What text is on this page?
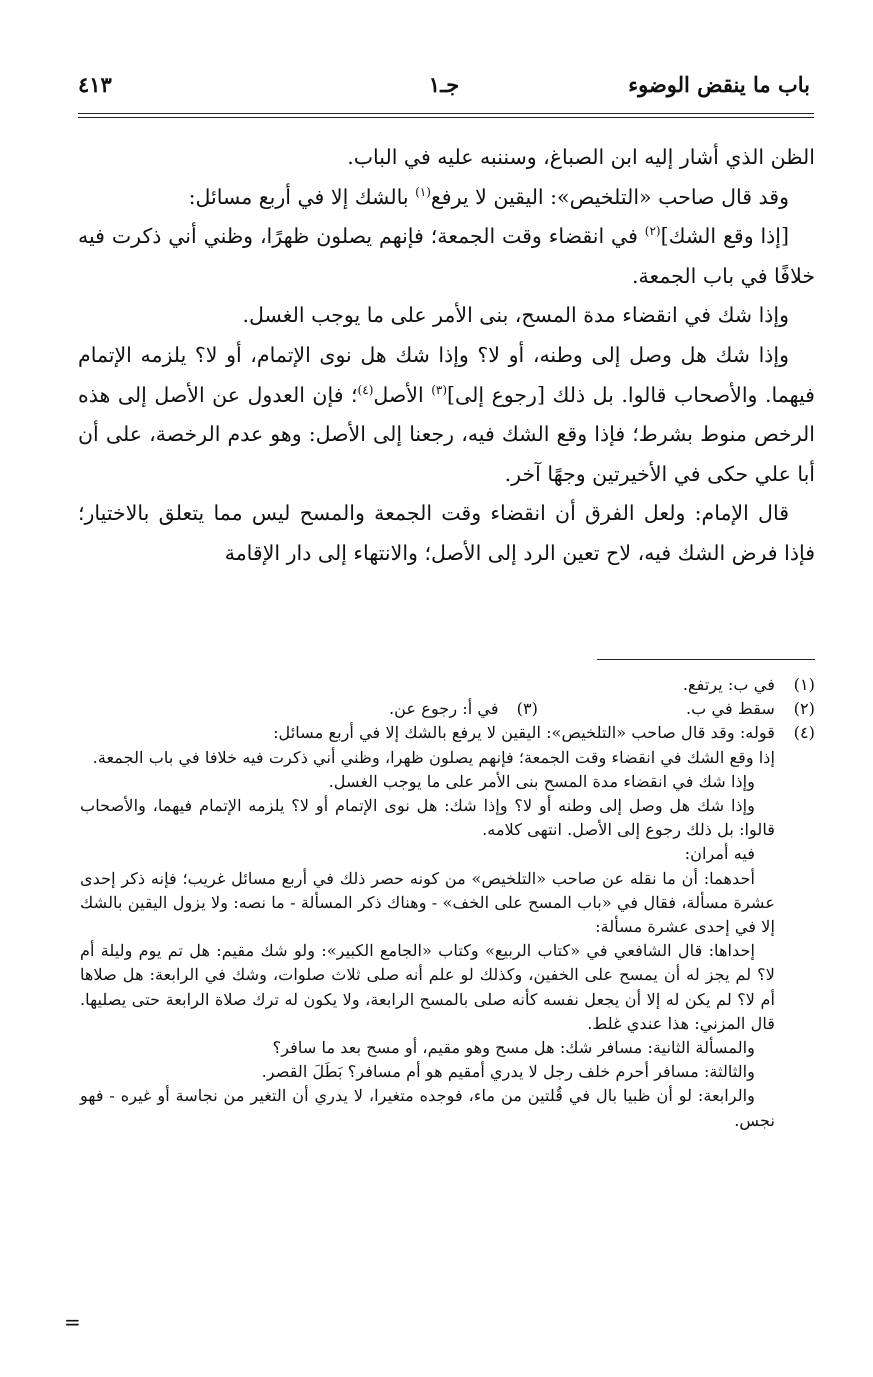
باب ما ينقض الوضوء
جـ١
٤١٣

الظن الذي أشار إليه ابن الصباغ، وسننبه عليه في الباب.

وقد قال صاحب «التلخيص»: اليقين لا يرفع$^{(١)}$ بالشك إلا في أربع مسائل:

[إذا وقع الشك]$^{(٢)}$ في انقضاء وقت الجمعة؛ فإنهم يصلون ظهرًا، وظني أني ذكرت فيه خلافًا في باب الجمعة.

وإذا شك في انقضاء مدة المسح، بنى الأمر على ما يوجب الغسل.

وإذا شك هل وصل إلى وطنه، أو لا؟ وإذا شك هل نوى الإتمام، أو لا؟ يلزمه الإتمام فيهما. والأصحاب قالوا. بل ذلك [رجوع إلى]$^{(٣)}$ الأصل$^{(٤)}$؛ فإن العدول عن الأصل إلى هذه الرخص منوط بشرط؛ فإذا وقع الشك فيه، رجعنا إلى الأصل: وهو عدم الرخصة، على أن أبا علي حكى في الأخيرتين وجهًا آخر.

قال الإمام: ولعل الفرق أن انقضاء وقت الجمعة والمسح ليس مما يتعلق بالاختيار؛ فإذا فرض الشك فيه، لاح تعين الرد إلى الأصل؛ والانتهاء إلى دار الإقامة

(١)
في ب: يرتفع.
(٢)
سقط في ب.
(٣)
في أ: رجوع عن.
(٤)
قوله: وقد قال صاحب «التلخيص»: اليقين لا يرفع بالشك إلا في أربع مسائل:

إذا وقع الشك في انقضاء وقت الجمعة؛ فإنهم يصلون ظهرا، وظني أني ذكرت فيه خلافا في باب الجمعة.

وإذا شك في انقضاء مدة المسح بنى الأمر على ما يوجب الغسل.

وإذا شك هل وصل إلى وطنه أو لا؟ وإذا شك: هل نوى الإتمام أو لا؟ يلزمه الإتمام فيهما، والأصحاب قالوا: بل ذلك رجوع إلى الأصل. انتهى كلامه.

فيه أمران:

أحدهما: أن ما نقله عن صاحب «التلخيص» من كونه حصر ذلك في أربع مسائل غريب؛ فإنه ذكر إحدى عشرة مسألة، فقال في «باب المسح على الخف» - وهناك ذكر المسألة - ما نصه: ولا يزول اليقين بالشك إلا في إحدى عشرة مسألة:

إحداها: قال الشافعي في «كتاب الربيع» وكتاب «الجامع الكبير»: ولو شك مقيم: هل تم يوم وليلة أم لا؟ لم يجز له أن يمسح على الخفين، وكذلك لو علم أنه صلى ثلاث صلوات، وشك في الرابعة: هل صلاها أم لا؟ لم يكن له إلا أن يجعل نفسه كأنه صلى بالمسح الرابعة، ولا يكون له ترك صلاة الرابعة حتى يصليها. قال المزني: هذا عندي غلط.

والمسألة الثانية: مسافر شك: هل مسح وهو مقيم، أو مسح بعد ما سافر؟

والثالثة: مسافر أحرم خلف رجل لا يدري أمقيم هو أم مسافر؟ بَطَلَ القصر.

والرابعة: لو أن ظبيا بال في قُلتين من ماء، فوجده متغيرا، لا يدري أن التغير من نجاسة أو غيره - فهو نجس.

=
